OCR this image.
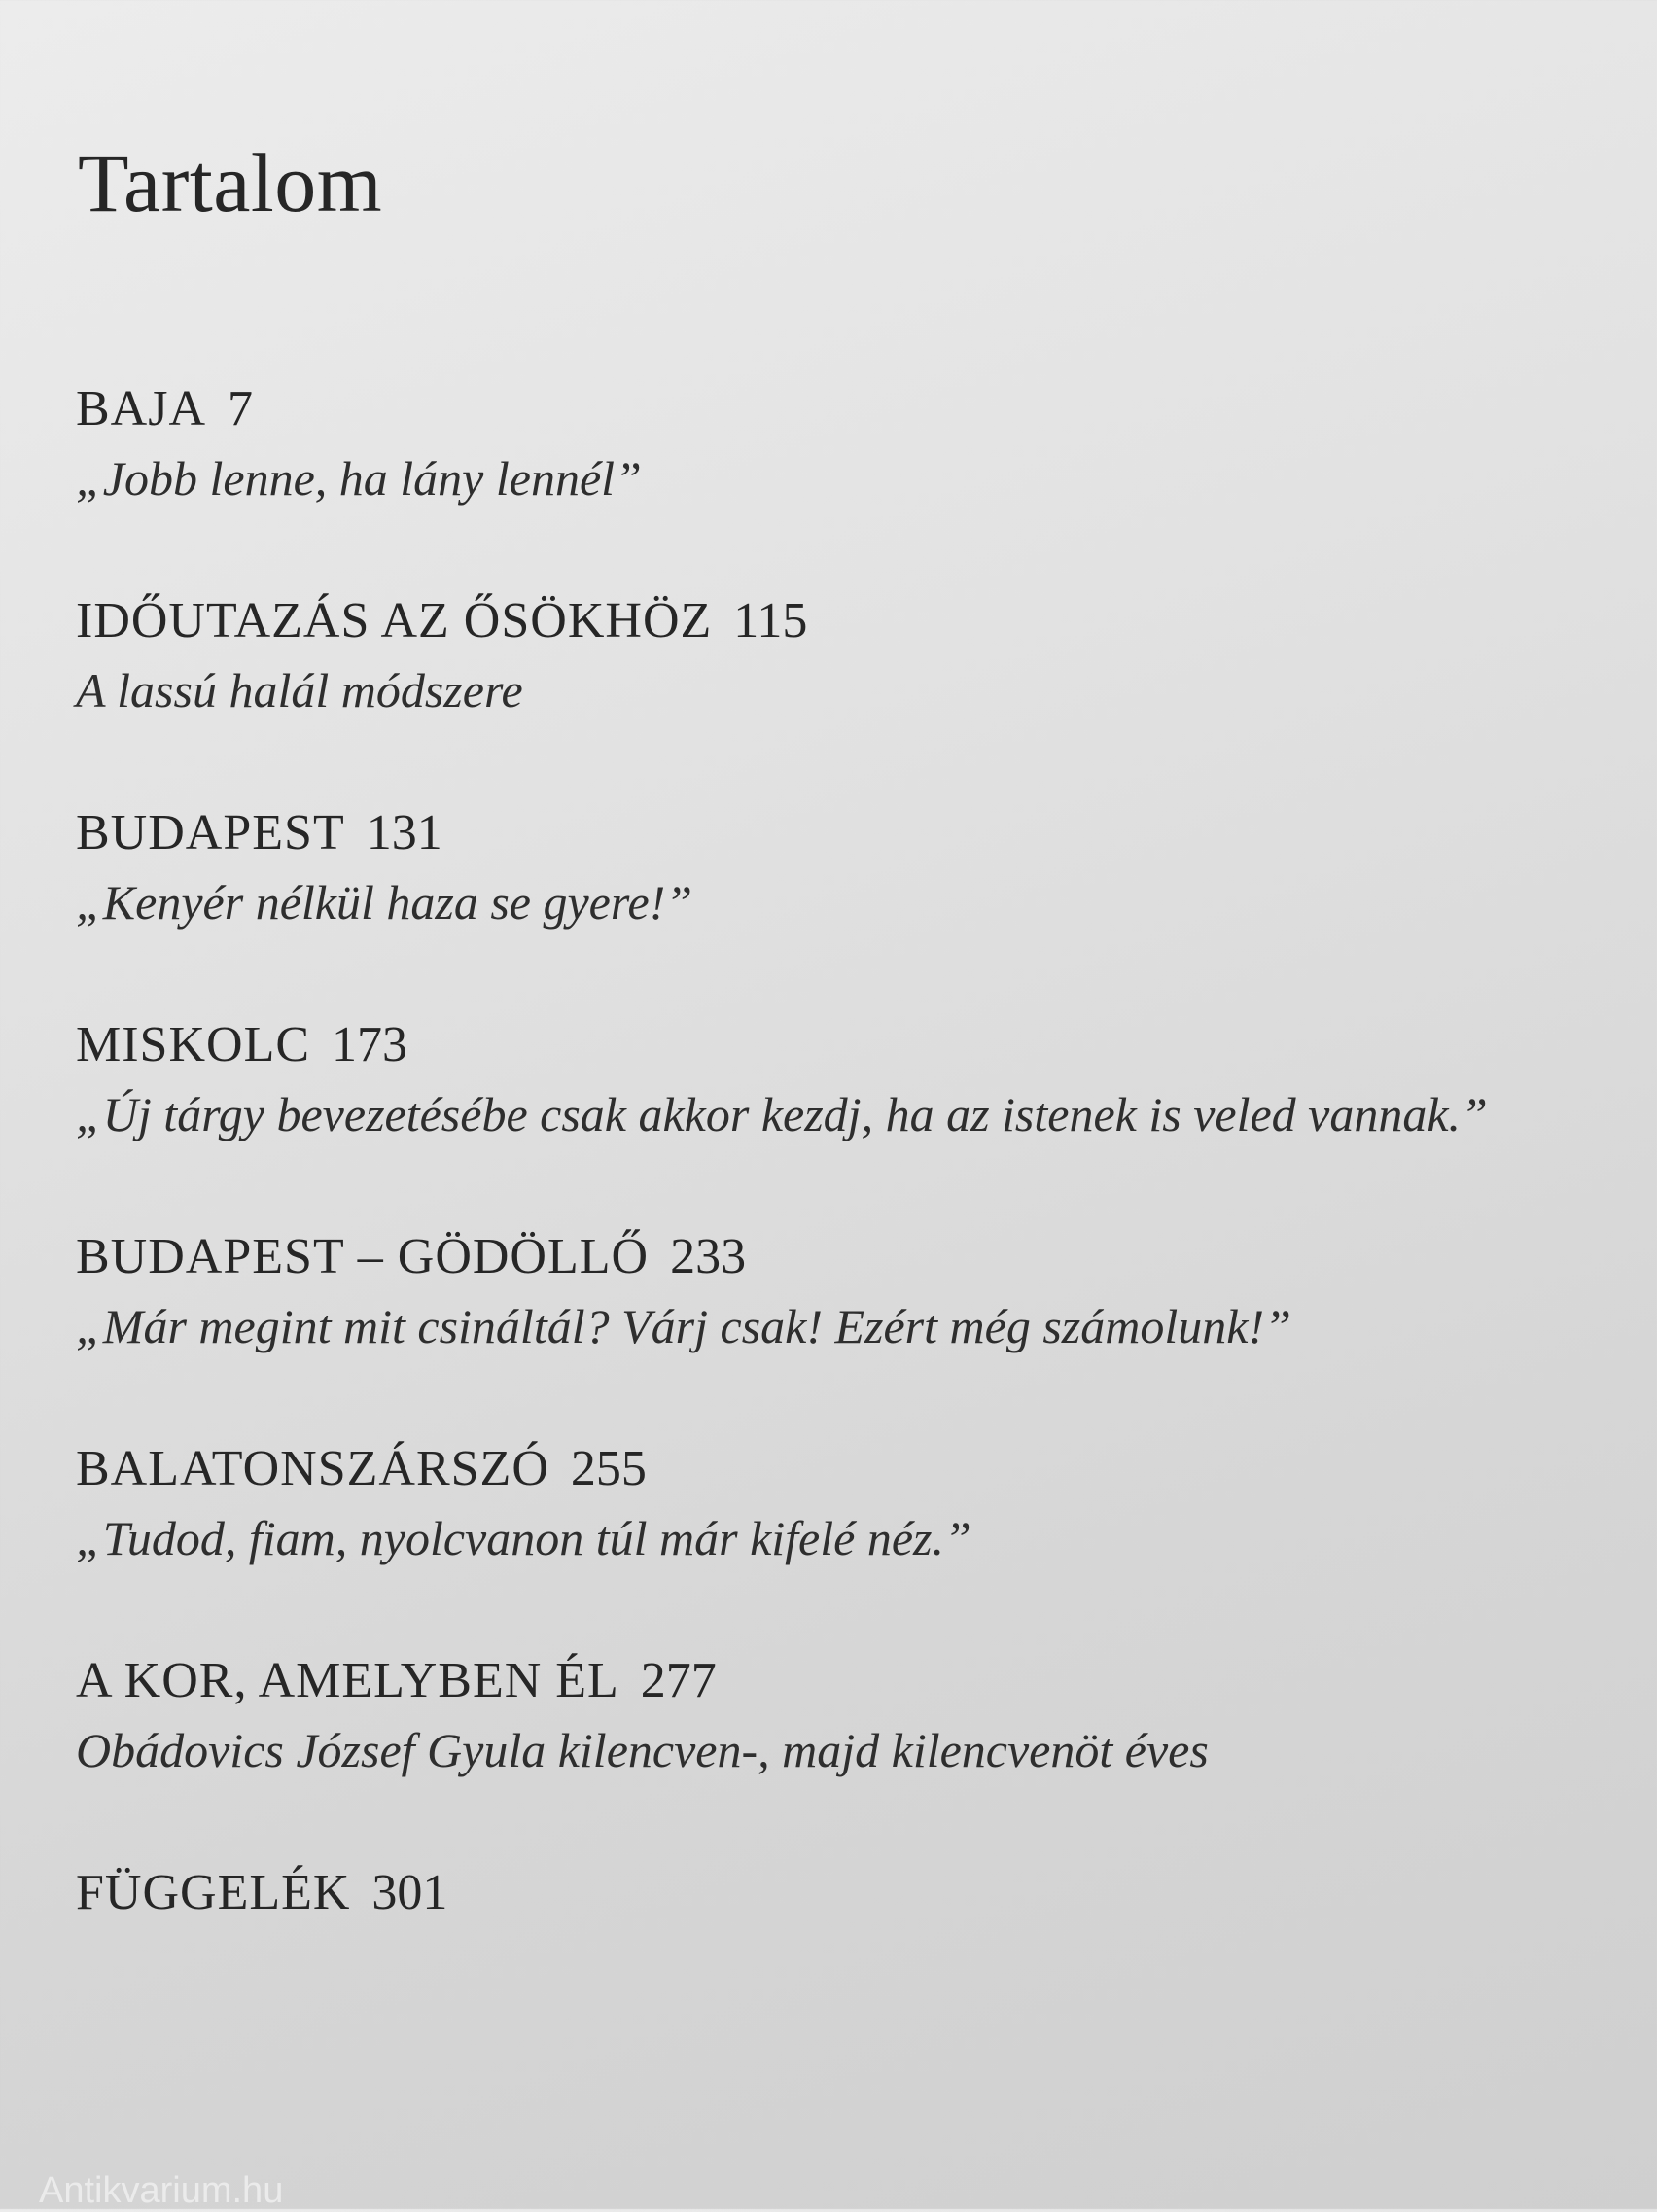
Tartalom
BAJA 7
„Jobb lenne, ha lány lennél”
IDŐUTAZÁS AZ ŐSÖKHÖZ 115
A lassú halál módszere
BUDAPEST 131
„Kenyér nélkül haza se gyere!”
MISKOLC 173
„Új tárgy bevezetésébe csak akkor kezdj, ha az istenek is veled vannak.”
BUDAPEST – GÖDÖLLŐ 233
„Már megint mit csináltál? Várj csak! Ezért még számolunk!”
BALATONSZÁRSZÓ 255
„Tudod, fiam, nyolcvanon túl már kifelé néz.”
A KOR, AMELYBEN ÉL 277
Obádovics József Gyula kilencven-, majd kilencvenöt éves
FÜGGELÉK 301
Antikvarium.hu
